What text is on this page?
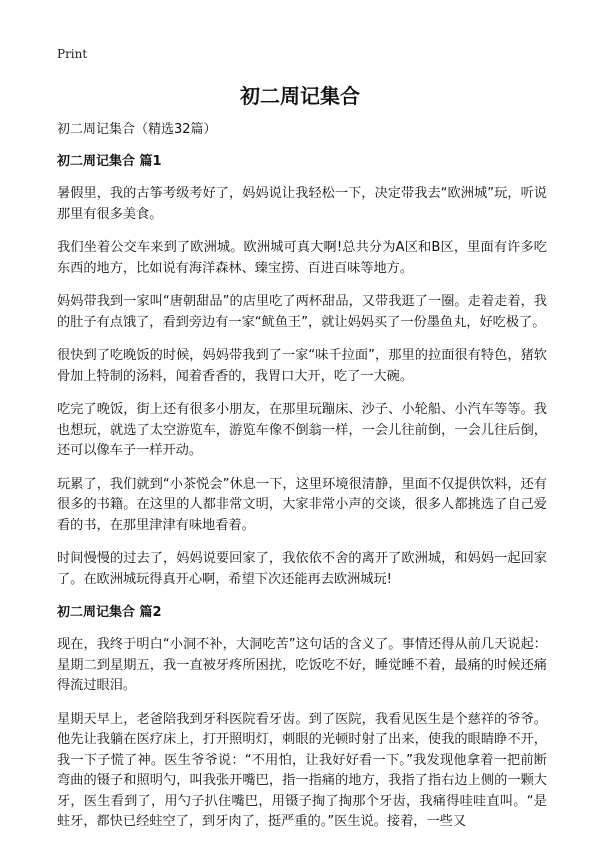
Print
初二周记集合

初二周记集合（精选32篇）

初二周记集合 篇1

暑假里，我的古筝考级考好了，妈妈说让我轻松一下，决定带我去“欧洲城”玩，听说那里有很多美食。

我们坐着公交车来到了欧洲城。欧洲城可真大啊!总共分为A区和B区，里面有许多吃东西的地方，比如说有海洋森林、臻宝捞、百进百味等地方。

妈妈带我到一家叫“唐朝甜品”的店里吃了两杯甜品，又带我逛了一圈。走着走着，我的肚子有点饿了，看到旁边有一家“鱿鱼王”，就让妈妈买了一份墨鱼丸，好吃极了。

很快到了吃晚饭的时候，妈妈带我到了一家“味千拉面”，那里的拉面很有特色，猪软骨加上特制的汤料，闻着香香的，我胃口大开，吃了一大碗。

吃完了晚饭，街上还有很多小朋友，在那里玩蹦床、沙子、小轮船、小汽车等等。我也想玩，就选了太空游览车，游览车像不倒翁一样，一会儿往前倒，一会儿往后倒，还可以像车子一样开动。

玩累了，我们就到“小茶悦会”休息一下，这里环境很清静，里面不仅提供饮料，还有很多的书籍。在这里的人都非常文明，大家非常小声的交谈，很多人都挑选了自己爱看的书，在那里津津有味地看着。

时间慢慢的过去了，妈妈说要回家了，我依依不舍的离开了欧洲城，和妈妈一起回家了。在欧洲城玩得真开心啊，希望下次还能再去欧洲城玩!

初二周记集合 篇2

现在，我终于明白“小洞不补，大洞吃苦”这句话的含义了。事情还得从前几天说起：星期二到星期五，我一直被牙疼所困扰，吃饭吃不好，睡觉睡不着，最痛的时候还痛得流过眼泪。

星期天早上，老爸陪我到牙科医院看牙齿。到了医院，我看见医生是个慈祥的爷爷。他先让我躺在医疗床上，打开照明灯，刺眼的光顿时射了出来，使我的眼睛睁不开，我一下子慌了神。医生爷爷说：“不用怕，让我好好看一下。”我发现他拿着一把前断弯曲的镊子和照明勺，叫我张开嘴巴，指一指痛的地方，我指了指右边上侧的一颗大牙，医生看到了，用勺子扒住嘴巴，用镊子掏了掏那个牙齿，我痛得哇哇直叫。“是蛀牙，都快已经蛀空了，到牙肉了，挺严重的。”医生说。接着，一些又
